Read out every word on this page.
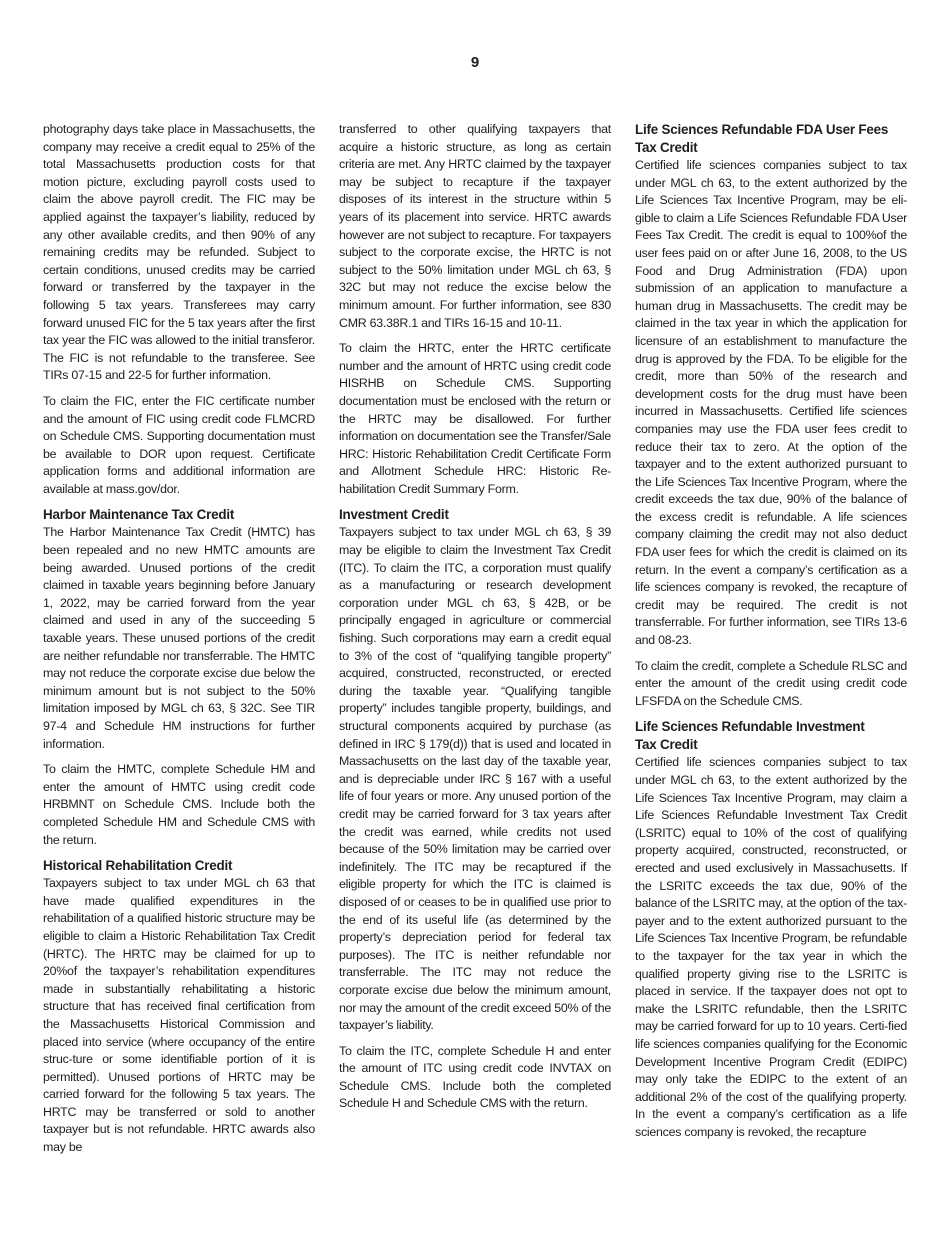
9

photography days take place in Massachusetts, the company may receive a credit equal to 25% of the total Massachusetts production costs for that motion picture, excluding payroll costs used to claim the above payroll credit. The FIC may be applied against the taxpayer’s liability, reduced by any other available credits, and then 90% of any remaining credits may be refunded. Subject to certain conditions, unused credits may be carried forward or transferred by the taxpayer in the following 5 tax years. Transferees may carry forward unused FIC for the 5 tax years after the first tax year the FIC was allowed to the initial transferor. The FIC is not refundable to the transferee. See TIRs 07-15 and 22-5 for further information.

To claim the FIC, enter the FIC certificate number and the amount of FIC using credit code FLMCRD on Schedule CMS. Supporting documentation must be available to DOR upon request. Certificate application forms and additional information are available at mass.gov/dor.

Harbor Maintenance Tax Credit

The Harbor Maintenance Tax Credit (HMTC) has been repealed and no new HMTC amounts are being awarded. Unused portions of the credit claimed in taxable years beginning before January 1, 2022, may be carried forward from the year claimed and used in any of the succeeding 5 taxable years. These unused portions of the credit are neither refundable nor transferrable. The HMTC may not reduce the corporate excise due below the minimum amount but is not subject to the 50% limitation imposed by MGL ch 63, § 32C. See TIR 97-4 and Schedule HM instructions for further information.

To claim the HMTC, complete Schedule HM and enter the amount of HMTC using credit code HRBMNT on Schedule CMS. Include both the completed Schedule HM and Schedule CMS with the return.

Historical Rehabilitation Credit

Taxpayers subject to tax under MGL ch 63 that have made qualified expenditures in the rehabilitation of a qualified historic structure may be eligible to claim a Historic Rehabilitation Tax Credit (HRTC). The HRTC may be claimed for up to 20%of the taxpayer’s rehabilitation expenditures made in substantially rehabilitating a historic structure that has received final certification from the Massachusetts Historical Commission and placed into service (where occupancy of the entire struc-ture or some identifiable portion of it is permitted). Unused portions of HRTC may be carried forward for the following 5 tax years. The HRTC may be transferred or sold to another taxpayer but is not refundable. HRTC awards also may be

transferred to other qualifying taxpayers that acquire a historic structure, as long as certain criteria are met. Any HRTC claimed by the taxpayer may be subject to recapture if the taxpayer disposes of its interest in the structure within 5 years of its placement into service. HRTC awards however are not subject to recapture. For taxpayers subject to the corporate excise, the HRTC is not subject to the 50% limitation under MGL ch 63, § 32C but may not reduce the excise below the minimum amount. For further information, see 830 CMR 63.38R.1 and TIRs 16-15 and 10-11.

To claim the HRTC, enter the HRTC certificate number and the amount of HRTC using credit code HISRHB on Schedule CMS. Supporting documentation must be enclosed with the return or the HRTC may be disallowed. For further information on documentation see the Transfer/Sale HRC: Historic Rehabilitation Credit Certificate Form and Allotment Schedule HRC: Historic Re-habilitation Credit Summary Form.

Investment Credit

Taxpayers subject to tax under MGL ch 63, § 39 may be eligible to claim the Investment Tax Credit (ITC). To claim the ITC, a corporation must qualify as a manufacturing or research development corporation under MGL ch 63, § 42B, or be principally engaged in agriculture or commercial fishing. Such corporations may earn a credit equal to 3% of the cost of “qualifying tangible property” acquired, constructed, reconstructed, or erected during the taxable year. “Qualifying tangible property” includes tangible property, buildings, and structural components acquired by purchase (as defined in IRC § 179(d)) that is used and located in Massachusetts on the last day of the taxable year, and is depreciable under IRC § 167 with a useful life of four years or more. Any unused portion of the credit may be carried forward for 3 tax years after the credit was earned, while credits not used because of the 50% limitation may be carried over indefinitely. The ITC may be recaptured if the eligible property for which the ITC is claimed is disposed of or ceases to be in qualified use prior to the end of its useful life (as determined by the property’s depreciation period for federal tax purposes). The ITC is neither refundable nor transferrable. The ITC may not reduce the corporate excise due below the minimum amount, nor may the amount of the credit exceed 50% of the taxpayer’s liability.

To claim the ITC, complete Schedule H and enter the amount of ITC using credit code INVTAX on Schedule CMS. Include both the completed Schedule H and Schedule CMS with the return.

Life Sciences Refundable FDA User Fees
Tax Credit

Certified life sciences companies subject to tax under MGL ch 63, to the extent authorized by the Life Sciences Tax Incentive Program, may be eli-gible to claim a Life Sciences Refundable FDA User Fees Tax Credit. The credit is equal to 100%of the user fees paid on or after June 16, 2008, to the US Food and Drug Administration (FDA) upon submission of an application to manufacture a human drug in Massachusetts. The credit may be claimed in the tax year in which the application for licensure of an establishment to manufacture the drug is approved by the FDA. To be eligible for the credit, more than 50% of the research and development costs for the drug must have been incurred in Massachusetts. Certified life sciences companies may use the FDA user fees credit to reduce their tax to zero. At the option of the taxpayer and to the extent authorized pursuant to the Life Sciences Tax Incentive Program, where the credit exceeds the tax due, 90% of the balance of the excess credit is refundable. A life sciences company claiming the credit may not also deduct FDA user fees for which the credit is claimed on its return. In the event a company’s certification as a life sciences company is revoked, the recapture of credit may be required. The credit is not transferrable. For further information, see TIRs 13-6 and 08-23.

To claim the credit, complete a Schedule RLSC and enter the amount of the credit using credit code LFSFDA on the Schedule CMS.

Life Sciences Refundable Investment
Tax Credit

Certified life sciences companies subject to tax under MGL ch 63, to the extent authorized by the Life Sciences Tax Incentive Program, may claim a Life Sciences Refundable Investment Tax Credit (LSRITC) equal to 10% of the cost of qualifying property acquired, constructed, reconstructed, or erected and used exclusively in Massachusetts. If the LSRITC exceeds the tax due, 90% of the balance of the LSRITC may, at the option of the tax-payer and to the extent authorized pursuant to the Life Sciences Tax Incentive Program, be refundable to the taxpayer for the tax year in which the qualified property giving rise to the LSRITC is placed in service. If the taxpayer does not opt to make the LSRITC refundable, then the LSRITC may be carried forward for up to 10 years. Certi-fied life sciences companies qualifying for the Economic Development Incentive Program Credit (EDIPC) may only take the EDIPC to the extent of an additional 2% of the cost of the qualifying property. In the event a company’s certification as a life sciences company is revoked, the recapture
